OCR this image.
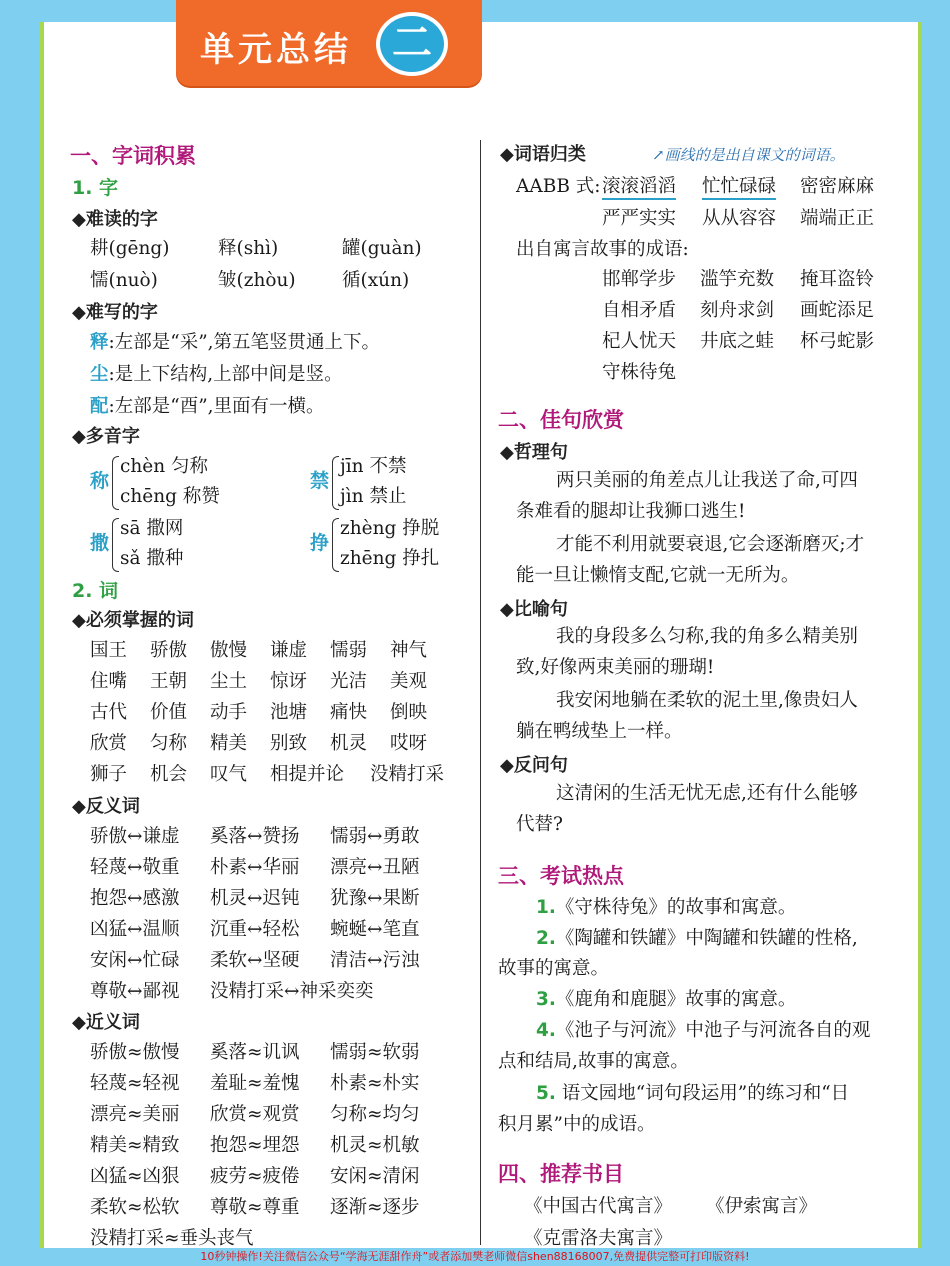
单元总结	二
一、字词积累
1. 字
◆难读的字
耕(gēng)	释(shì)	罐(guàn)
懦(nuò)	皱(zhòu)	循(xún)
◆难写的字
释:左部是“采”,第五笔竖贯通上下。
尘:是上下结构,上部中间是竖。
配:左部是“酉”,里面有一横。
◆多音字
称
chèn 匀称
chēng 称赞
禁
jīn 不禁
jìn 禁止
撒
sā 撒网
sǎ 撒种
挣
zhèng 挣脱
zhēng 挣扎
2. 词
◆必须掌握的词
国王 骄傲 傲慢 谦虚 懦弱 神气
住嘴 王朝 尘土 惊讶 光洁 美观
古代 价值 动手 池塘 痛快 倒映
欣赏 匀称 精美 别致 机灵 哎呀
狮子 机会 叹气 相提并论 没精打采
◆反义词
骄傲↔谦虚 奚落↔赞扬 懦弱↔勇敢
轻蔑↔敬重 朴素↔华丽 漂亮↔丑陋
抱怨↔感激 机灵↔迟钝 犹豫↔果断
凶猛↔温顺 沉重↔轻松 蜿蜒↔笔直
安闲↔忙碌 柔软↔坚硬 清洁↔污浊
尊敬↔鄙视 没精打采↔神采奕奕
◆近义词
骄傲≈傲慢 奚落≈讥讽 懦弱≈软弱
轻蔑≈轻视 羞耻≈羞愧 朴素≈朴实
漂亮≈美丽 欣赏≈观赏 匀称≈均匀
精美≈精致 抱怨≈埋怨 机灵≈机敏
凶猛≈凶狠 疲劳≈疲倦 安闲≈清闲
柔软≈松软 尊敬≈尊重 逐渐≈逐步
没精打采≈垂头丧气
◆词语归类	↗画线的是出自课文的词语。
AABB 式: 滚滚滔滔 忙忙碌碌 密密麻麻
严严实实 从从容容 端端正正
出自寓言故事的成语:
邯郸学步 滥竽充数 掩耳盗铃
自相矛盾 刻舟求剑 画蛇添足
杞人忧天 井底之蛙 杯弓蛇影
守株待兔
二、佳句欣赏
◆哲理句
两只美丽的角差点儿让我送了命,可四
条难看的腿却让我狮口逃生!
才能不利用就要衰退,它会逐渐磨灭;才
能一旦让懒惰支配,它就一无所为。
◆比喻句
我的身段多么匀称,我的角多么精美别
致,好像两束美丽的珊瑚!
我安闲地躺在柔软的泥土里,像贵妇人
躺在鸭绒垫上一样。
◆反问句
这清闲的生活无忧无虑,还有什么能够
代替?
三、考试热点
1.《守株待兔》的故事和寓意。
2.《陶罐和铁罐》中陶罐和铁罐的性格,
故事的寓意。
3.《鹿角和鹿腿》故事的寓意。
4.《池子与河流》中池子与河流各自的观
点和结局,故事的寓意。
5. 语文园地“词句段运用”的练习和“日
积月累”中的成语。
四、推荐书目
《中国古代寓言》 《伊索寓言》
《克雷洛夫寓言》
10秒钟操作!关注微信公众号“学海无涯甜作舟”或者添加樊老师微信shen88168007,免费提供完整可打印版资料!
